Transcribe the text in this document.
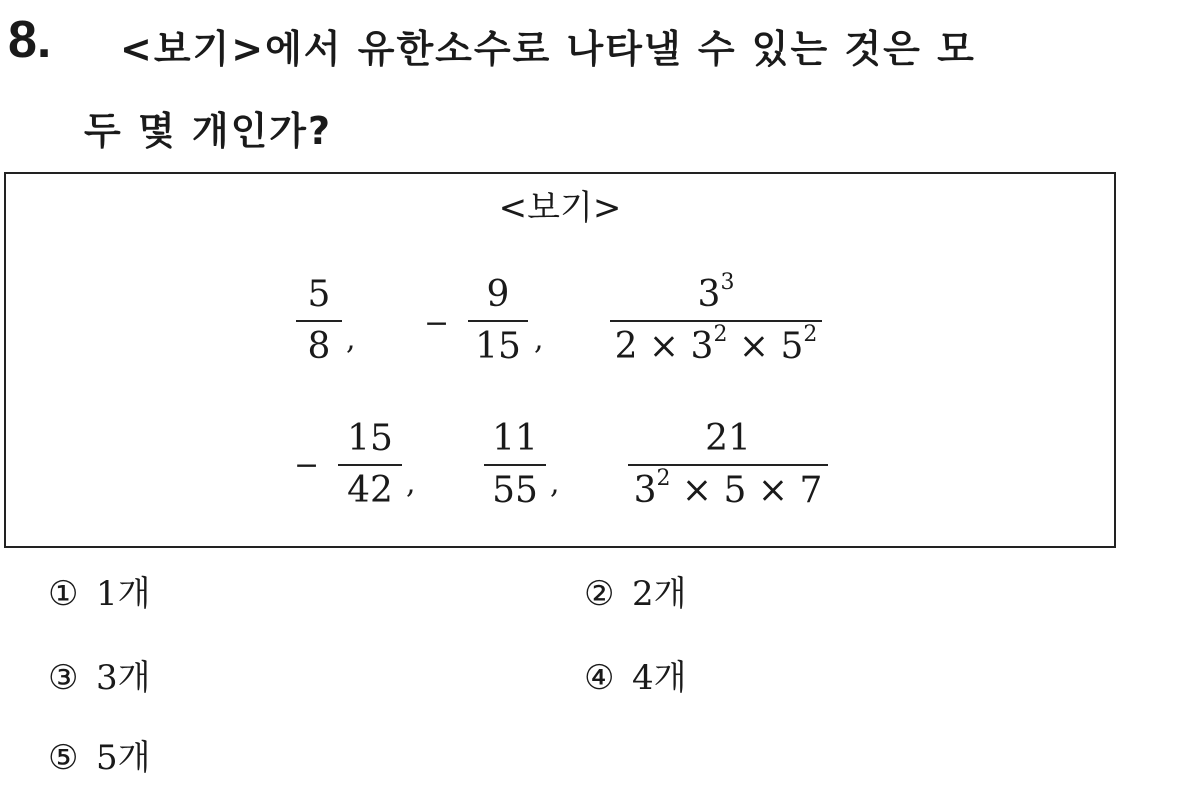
8. <보기>에서 유한소수로 나타낼 수 있는 것은 모
두 몇 개인가?
<보기>
5
8 , −
9
15 ,
$3^3$
$2 \times 3^2 \times 5^2$
−
15
42 ,
11
55 ,
21
$3^2 \times 5 \times 7$
① 1개	② 2개
③ 3개	④ 4개
⑤ 5개
